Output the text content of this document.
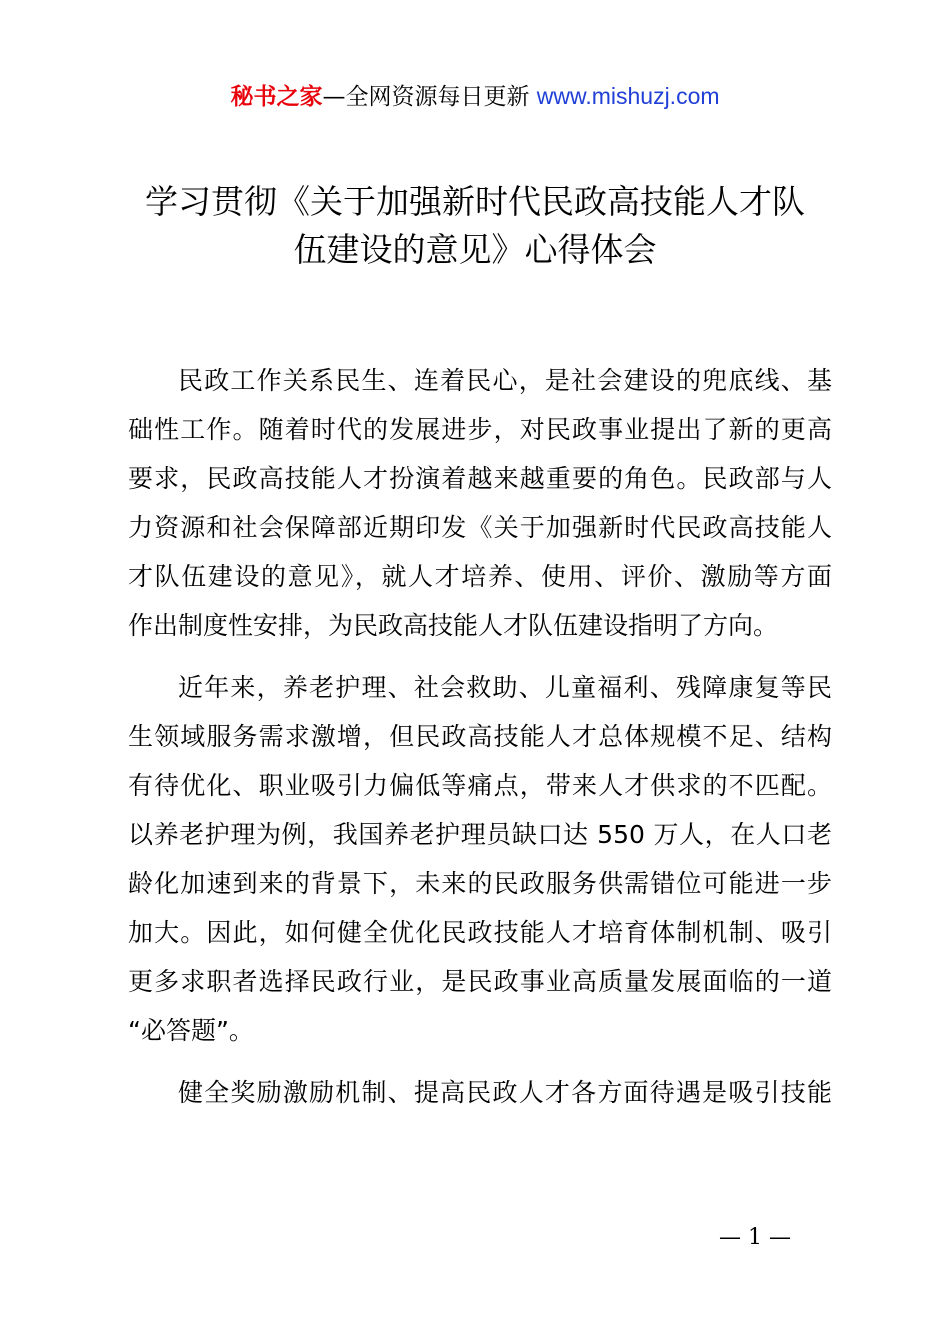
秘书之家—全网资源每日更新 www.mishuzj.com
学习贯彻《关于加强新时代民政高技能人才队
伍建设的意见》心得体会
民政工作关系民生、连着民心，是社会建设的兜底线、基
础性工作。随着时代的发展进步，对民政事业提出了新的更高
要求，民政高技能人才扮演着越来越重要的角色。民政部与人
力资源和社会保障部近期印发《关于加强新时代民政高技能人
才队伍建设的意见》，就人才培养、使用、评价、激励等方面
作出制度性安排，为民政高技能人才队伍建设指明了方向。
近年来，养老护理、社会救助、儿童福利、残障康复等民
生领域服务需求激增，但民政高技能人才总体规模不足、结构
有待优化、职业吸引力偏低等痛点，带来人才供求的不匹配。
以养老护理为例，我国养老护理员缺口达 550 万人，在人口老
龄化加速到来的背景下，未来的民政服务供需错位可能进一步
加大。因此，如何健全优化民政技能人才培育体制机制、吸引
更多求职者选择民政行业，是民政事业高质量发展面临的一道
“必答题”。
健全奖励激励机制、提高民政人才各方面待遇是吸引技能
— 1 —
